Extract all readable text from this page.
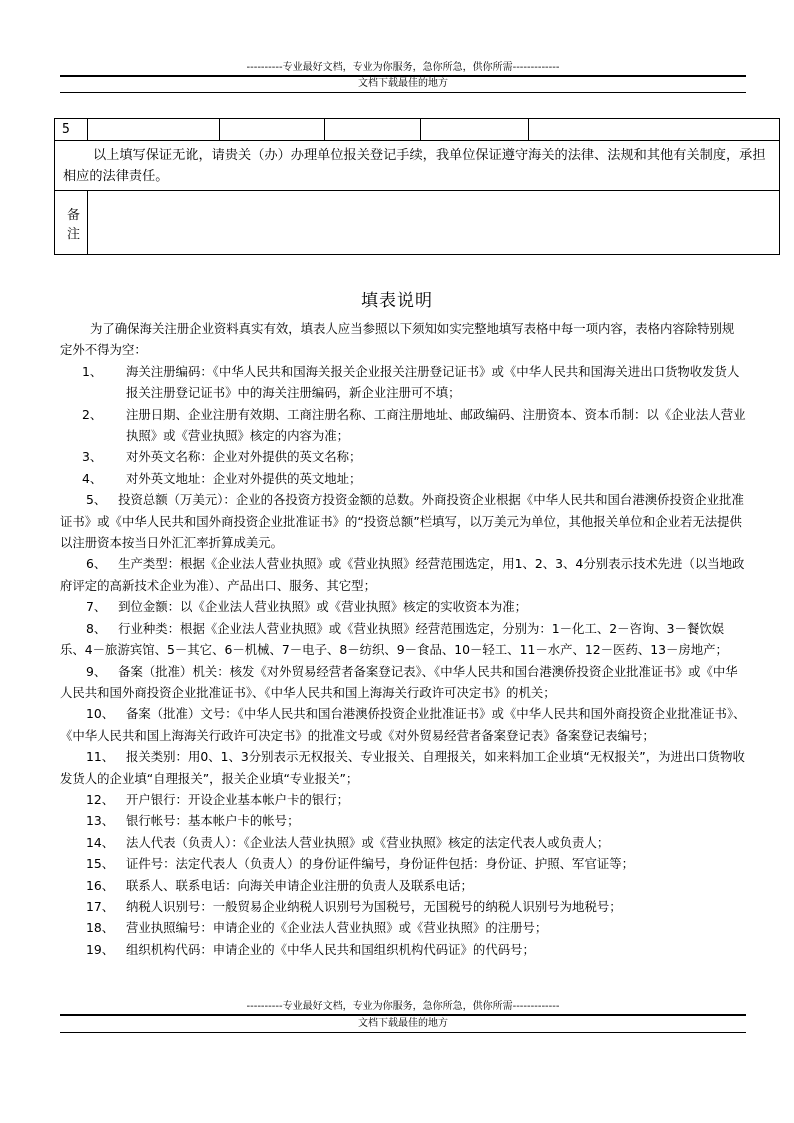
----------专业最好文档，专业为你服务，急你所急，供你所需-------------
文档下载最佳的地方
5					

以上填写保证无讹，请贵关（办）办理单位报关登记手续，我单位保证遵守海关的法律、法规和其他有关制度，承担相应的法律责任。					

备 注					
填表说明

为了确保海关注册企业资料真实有效，填表人应当参照以下须知如实完整地填写表格中每一项内容，表格内容除特别规定外不得为空：

1、	海关注册编码：《中华人民共和国海关报关企业报关注册登记证书》或《中华人民共和国海关进出口货物收发货人报关注册登记证书》中的海关注册编码，新企业注册可不填；
2、	注册日期、企业注册有效期、工商注册名称、工商注册地址、邮政编码、注册资本、资本币制：以《企业法人营业执照》或《营业执照》核定的内容为准；
3、	对外英文名称：企业对外提供的英文名称；
4、	对外英文地址：企业对外提供的英文地址；

5、 投资总额（万美元）：企业的各投资方投资金额的总数。外商投资企业根据《中华人民共和国台港澳侨投资企业批准证书》或《中华人民共和国外商投资企业批准证书》的“投资总额”栏填写，以万美元为单位，其他报关单位和企业若无法提供以注册资本按当日外汇汇率折算成美元。

6、 生产类型：根据《企业法人营业执照》或《营业执照》经营范围选定，用1、2、3、4分别表示技术先进（以当地政府评定的高新技术企业为准）、产品出口、服务、其它型；

7、 到位金额：以《企业法人营业执照》或《营业执照》核定的实收资本为准；

8、 行业种类：根据《企业法人营业执照》或《营业执照》经营范围选定，分别为：1－化工、2－咨询、3－餐饮娱乐、4－旅游宾馆、5－其它、6－机械、7－电子、8－纺织、9－食品、10－轻工、11－水产、12－医药、13－房地产；

9、 备案（批准）机关：核发《对外贸易经营者备案登记表》、《中华人民共和国台港澳侨投资企业批准证书》或《中华人民共和国外商投资企业批准证书》、《中华人民共和国上海海关行政许可决定书》的机关；

10、 备案（批准）文号：《中华人民共和国台港澳侨投资企业批准证书》或《中华人民共和国外商投资企业批准证书》、《中华人民共和国上海海关行政许可决定书》的批准文号或《对外贸易经营者备案登记表》备案登记表编号；

11、 报关类别：用0、1、3分别表示无权报关、专业报关、自理报关，如来料加工企业填“无权报关”，为进出口货物收发货人的企业填“自理报关”，报关企业填“专业报关”；

12、 开户银行：开设企业基本帐户卡的银行；

13、 银行帐号：基本帐户卡的帐号；

14、 法人代表（负责人）：《企业法人营业执照》或《营业执照》核定的法定代表人或负责人；

15、 证件号：法定代表人（负责人）的身份证件编号，身份证件包括：身份证、护照、军官证等；

16、 联系人、联系电话：向海关申请企业注册的负责人及联系电话；

17、 纳税人识别号：一般贸易企业纳税人识别号为国税号，无国税号的纳税人识别号为地税号；

18、 营业执照编号：申请企业的《企业法人营业执照》或《营业执照》的注册号；

19、 组织机构代码：申请企业的《中华人民共和国组织机构代码证》的代码号；

----------专业最好文档，专业为你服务，急你所急，供你所需-------------
文档下载最佳的地方
